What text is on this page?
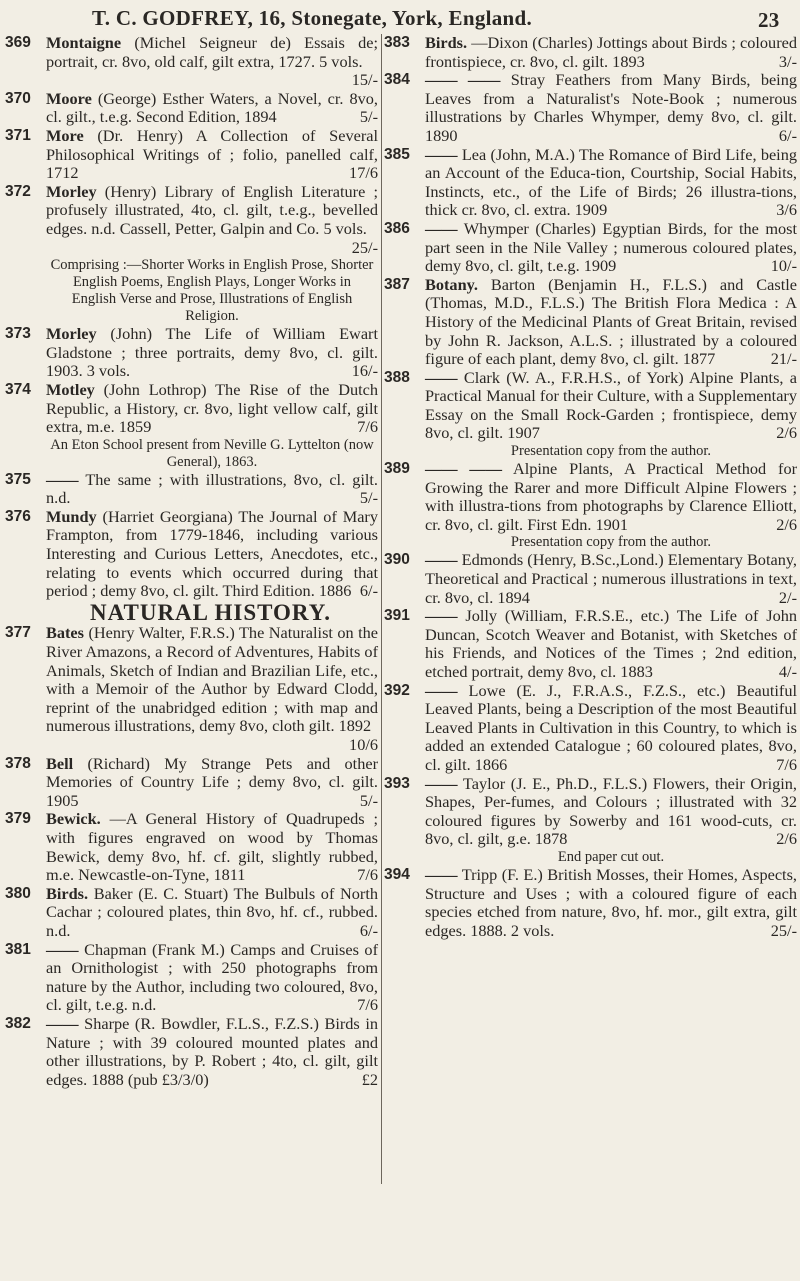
T. C. GODFREY, 16, Stonegate, York, England.	23
369 Montaigne (Michel Seigneur de) Essais de; portrait, cr. 8vo, old calf, gilt extra, 1727. 5 vols.
15/-
370 Moore (George) Esther Waters, a Novel, cr. 8vo, cl. gilt., t.e.g. Second Edition, 1894	5/-
371 More (Dr. Henry) A Collection of Several Philosophical Writings of ; folio, panelled calf, 1712	17/6
372 Morley (Henry) Library of English Literature ; profusely illustrated, 4to, cl. gilt, t.e.g., bevelled edges. n.d. Cassell, Petter, Galpin and Co. 5 vols.
25/-
Comprising :—Shorter Works in English Prose, Shorter English Poems, English Plays, Longer Works in English Verse and Prose, Illustrations of English Religion.
373 Morley (John) The Life of William Ewart Gladstone ; three portraits, demy 8vo, cl. gilt. 1903. 3 vols.	16/-
374 Motley (John Lothrop) The Rise of the Dutch Republic, a History, cr. 8vo, light vellow calf, gilt extra, m.e. 1859	7/6
An Eton School present from Neville G. Lyttelton (now General), 1863.
375 —— The same ; with illustrations, 8vo, cl. gilt. n.d.	5/-
376 Mundy (Harriet Georgiana) The Journal of Mary Frampton, from 1779-1846, including various Interesting and Curious Letters, Anecdotes, etc., relating to events which occurred during that period ; demy 8vo, cl. gilt. Third Edition. 1886 6/-
NATURAL HISTORY.
377 Bates (Henry Walter, F.R.S.) The Naturalist on the River Amazons, a Record of Adventures, Habits of Animals, Sketch of Indian and Brazilian Life, etc., with a Memoir of the Author by Edward Clodd, reprint of the unabridged edition ; with map and numerous illustrations, demy 8vo, cloth gilt. 1892
10/6
378 Bell (Richard) My Strange Pets and other Memories of Country Life ; demy 8vo, cl. gilt. 1905	5/-
379 Bewick. —A General History of Quadrupeds ; with figures engraved on wood by Thomas Bewick, demy 8vo, hf. cf. gilt, slightly rubbed, m.e. Newcastle-on-Tyne, 1811	7/6
380 Birds. Baker (E. C. Stuart) The Bulbuls of North Cachar ; coloured plates, thin 8vo, hf. cf., rubbed. n.d.	6/-
381 —— Chapman (Frank M.) Camps and Cruises of an Ornithologist ; with 250 photographs from nature by the Author, including two coloured, 8vo, cl. gilt, t.e.g. n.d.	7/6
382 —— Sharpe (R. Bowdler, F.L.S., F.Z.S.) Birds in Nature ; with 39 coloured mounted plates and other illustrations, by P. Robert ; 4to, cl. gilt, gilt edges. 1888 (pub £3/3/0)	£2
383 Birds. —Dixon (Charles) Jottings about Birds ; coloured frontispiece, cr. 8vo, cl. gilt. 1893	3/-
384 —— —— Stray Feathers from Many Birds, being Leaves from a Naturalist's Note-Book ; numerous illustrations by Charles Whymper, demy 8vo, cl. gilt. 1890	6/-
385 —— Lea (John, M.A.) The Romance of Bird Life, being an Account of the Educa-tion, Courtship, Social Habits, Instincts, etc., of the Life of Birds; 26 illustra-tions, thick cr. 8vo, cl. extra. 1909	3/6
386 —— Whymper (Charles) Egyptian Birds, for the most part seen in the Nile Valley ; numerous coloured plates, demy 8vo, cl. gilt, t.e.g. 1909	10/-
387 Botany. Barton (Benjamin H., F.L.S.) and Castle (Thomas, M.D., F.L.S.) The British Flora Medica : A History of the Medicinal Plants of Great Britain, revised by John R. Jackson, A.L.S. ; illustrated by a coloured figure of each plant, demy 8vo, cl. gilt. 1877	21/-
388 —— Clark (W. A., F.R.H.S., of York) Alpine Plants, a Practical Manual for their Culture, with a Supplementary Essay on the Small Rock-Garden ; frontispiece, demy 8vo, cl. gilt. 1907	2/6
Presentation copy from the author.
389 —— —— Alpine Plants, A Practical Method for Growing the Rarer and more Difficult Alpine Flowers ; with illustra-tions from photographs by Clarence Elliott, cr. 8vo, cl. gilt. First Edn. 1901	2/6
Presentation copy from the author.
390 —— Edmonds (Henry, B.Sc.,Lond.) Elementary Botany, Theoretical and Practical ; numerous illustrations in text, cr. 8vo, cl. 1894	2/-
391 —— Jolly (William, F.R.S.E., etc.) The Life of John Duncan, Scotch Weaver and Botanist, with Sketches of his Friends, and Notices of the Times ; 2nd edition, etched portrait, demy 8vo, cl. 1883	4/-
392 —— Lowe (E. J., F.R.A.S., F.Z.S., etc.) Beautiful Leaved Plants, being a Description of the most Beautiful Leaved Plants in Cultivation in this Country, to which is added an extended Catalogue ; 60 coloured plates, 8vo, cl. gilt. 1866	7/6
393 —— Taylor (J. E., Ph.D., F.L.S.) Flowers, their Origin, Shapes, Per-fumes, and Colours ; illustrated with 32 coloured figures by Sowerby and 161 wood-cuts, cr. 8vo, cl. gilt, g.e. 1878	2/6
End paper cut out.
394 —— Tripp (F. E.) British Mosses, their Homes, Aspects, Structure and Uses ; with a coloured figure of each species etched from nature, 8vo, hf. mor., gilt extra, gilt edges. 1888. 2 vols.	25/-
